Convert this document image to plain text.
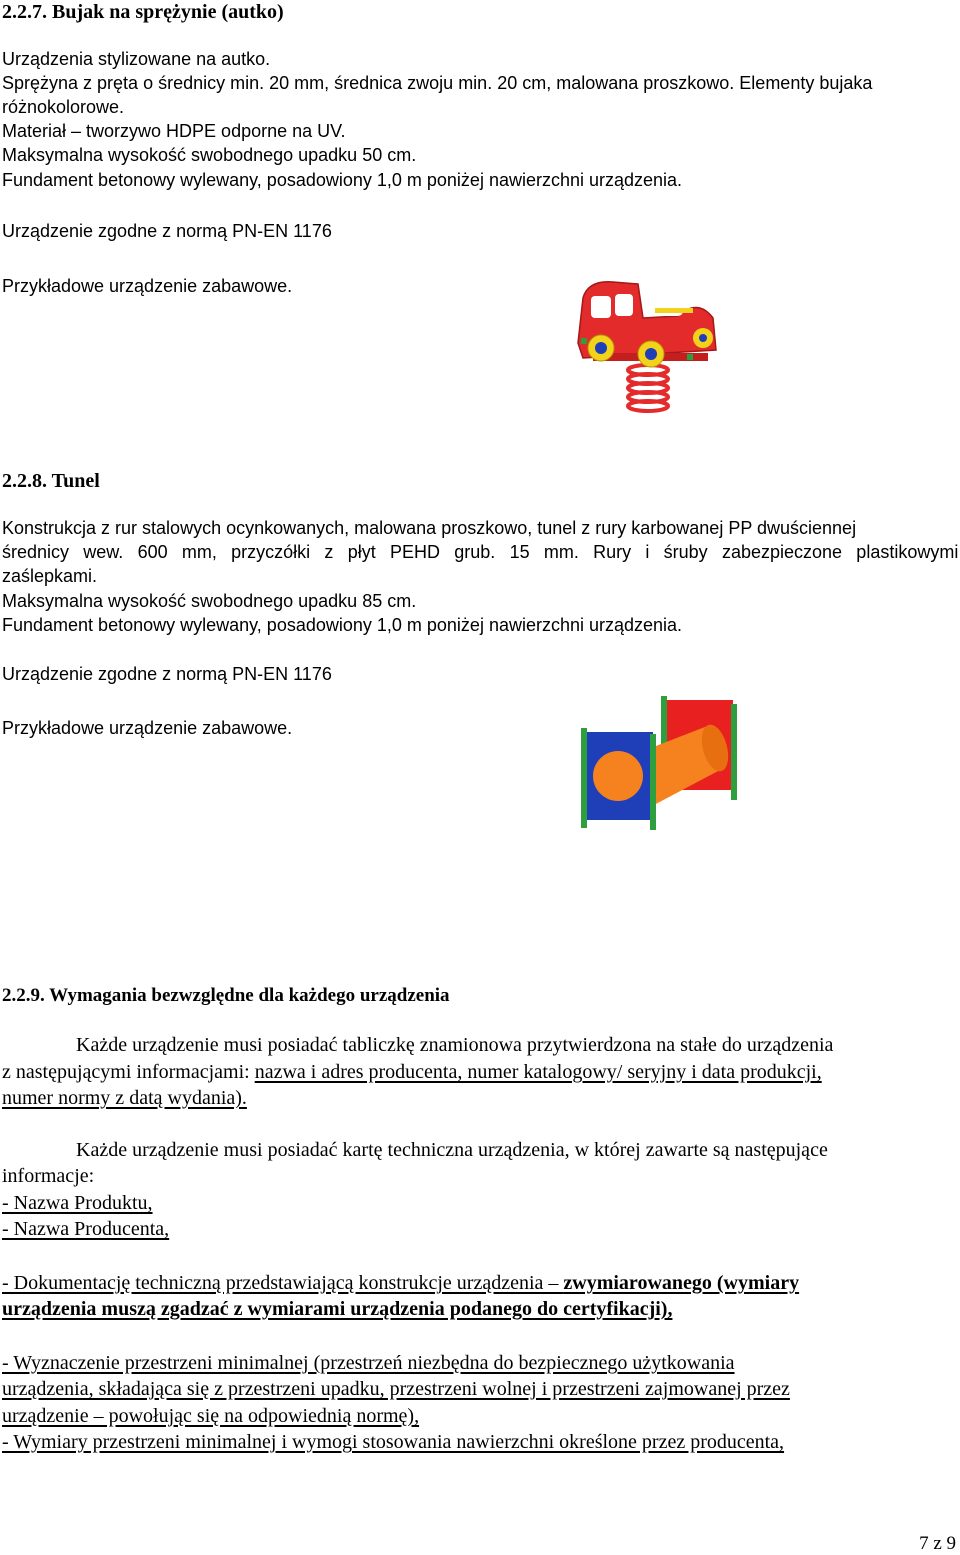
2.2.7. Bujak na sprężynie (autko)
Urządzenia stylizowane na autko.
Sprężyna z pręta o średnicy min. 20 mm, średnica zwoju min. 20 cm, malowana proszkowo. Elementy bujaka
różnokolorowe.
Materiał – tworzywo HDPE odporne na UV.
Maksymalna wysokość swobodnego upadku 50 cm.
Fundament betonowy wylewany, posadowiony 1,0 m poniżej nawierzchni urządzenia.
Urządzenie zgodne z normą PN-EN 1176
Przykładowe urządzenie zabawowe.
2.2.8. Tunel
Konstrukcja z rur stalowych ocynkowanych, malowana proszkowo, tunel z rury karbowanej PP dwuściennej
średnicy wew. 600 mm, przyczółki z płyt PEHD grub. 15 mm. Rury i śruby zabezpieczone plastikowymi
zaślepkami.
Maksymalna wysokość swobodnego upadku 85 cm.
Fundament betonowy wylewany, posadowiony 1,0 m poniżej nawierzchni urządzenia.
Urządzenie zgodne z normą PN-EN 1176
Przykładowe urządzenie zabawowe.
2.2.9. Wymagania bezwzględne dla każdego urządzenia
Każde urządzenie musi posiadać tabliczkę znamionowa przytwierdzona na stałe do urządzenia
z następującymi informacjami: nazwa i adres producenta, numer katalogowy/ seryjny i data produkcji,
numer normy z datą wydania).
Każde urządzenie musi posiadać kartę techniczna urządzenia, w której zawarte są następujące
informacje:
- Nazwa Produktu,
- Nazwa Producenta,
- Dokumentację techniczną przedstawiającą konstrukcje urządzenia – zwymiarowanego (wymiary
urządzenia muszą zgadzać z wymiarami urządzenia podanego do certyfikacji),
- Wyznaczenie przestrzeni minimalnej (przestrzeń niezbędna do bezpiecznego użytkowania
urządzenia, składająca się z przestrzeni upadku, przestrzeni wolnej i przestrzeni zajmowanej przez
urządzenie – powołując się na odpowiednią normę),
- Wymiary przestrzeni minimalnej i wymogi stosowania nawierzchni określone przez producenta,
7 z 9
